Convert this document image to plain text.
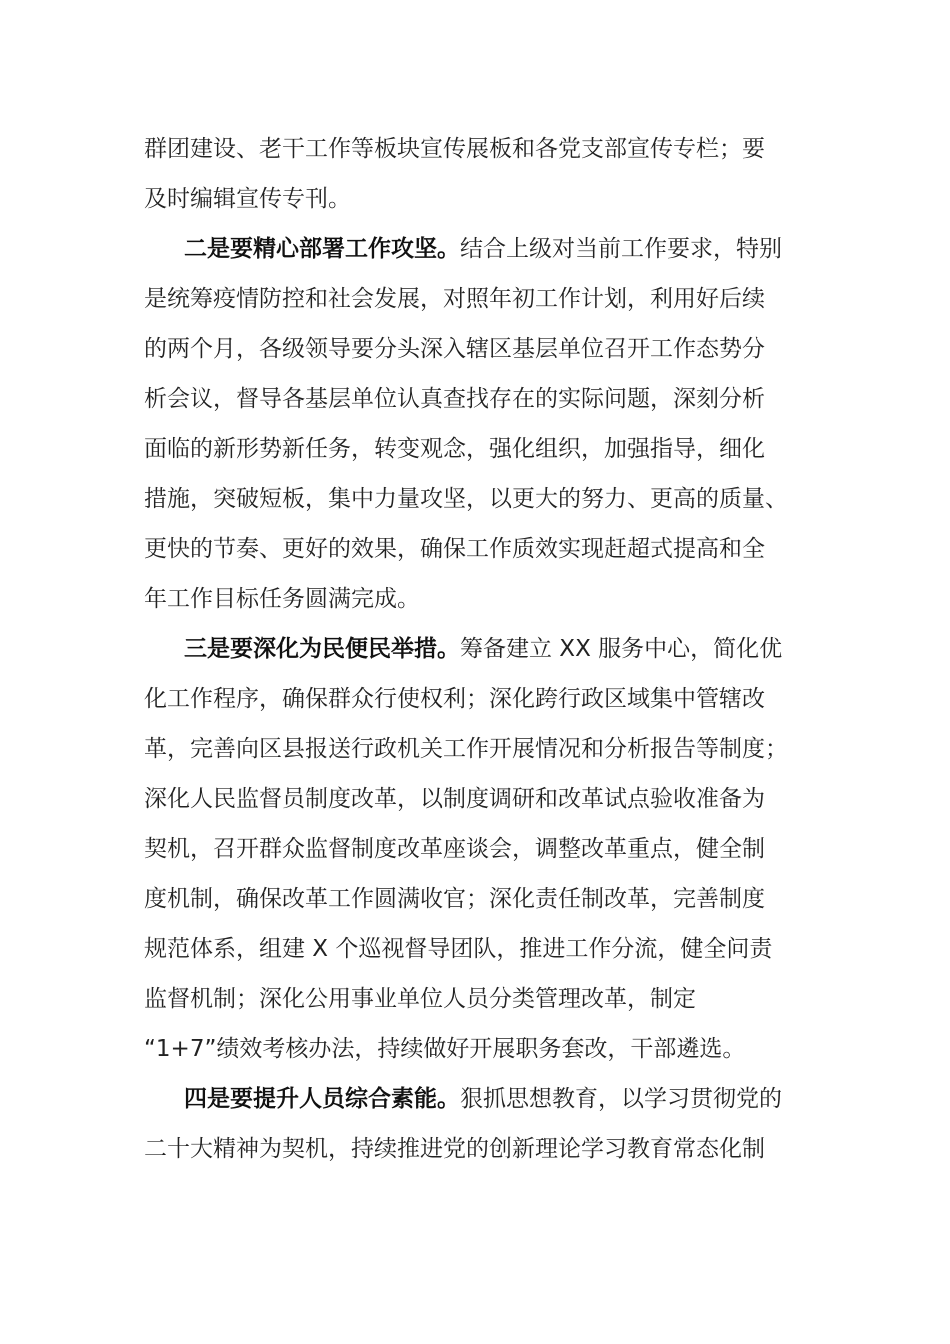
群团建设、老干工作等板块宣传展板和各党支部宣传专栏；要
及时编辑宣传专刊。
二是要精心部署工作攻坚。结合上级对当前工作要求，特别
是统筹疫情防控和社会发展，对照年初工作计划，利用好后续
的两个月，各级领导要分头深入辖区基层单位召开工作态势分
析会议，督导各基层单位认真查找存在的实际问题，深刻分析
面临的新形势新任务，转变观念，强化组织，加强指导，细化
措施，突破短板，集中力量攻坚，以更大的努力、更高的质量、
更快的节奏、更好的效果，确保工作质效实现赶超式提高和全
年工作目标任务圆满完成。
三是要深化为民便民举措。筹备建立 XX 服务中心，简化优
化工作程序，确保群众行使权利；深化跨行政区域集中管辖改
革，完善向区县报送行政机关工作开展情况和分析报告等制度；
深化人民监督员制度改革，以制度调研和改革试点验收准备为
契机，召开群众监督制度改革座谈会，调整改革重点，健全制
度机制，确保改革工作圆满收官；深化责任制改革，完善制度
规范体系，组建 X 个巡视督导团队，推进工作分流，健全问责
监督机制；深化公用事业单位人员分类管理改革，制定
“1+7”绩效考核办法，持续做好开展职务套改，干部遴选。
四是要提升人员综合素能。狠抓思想教育，以学习贯彻党的
二十大精神为契机，持续推进党的创新理论学习教育常态化制
